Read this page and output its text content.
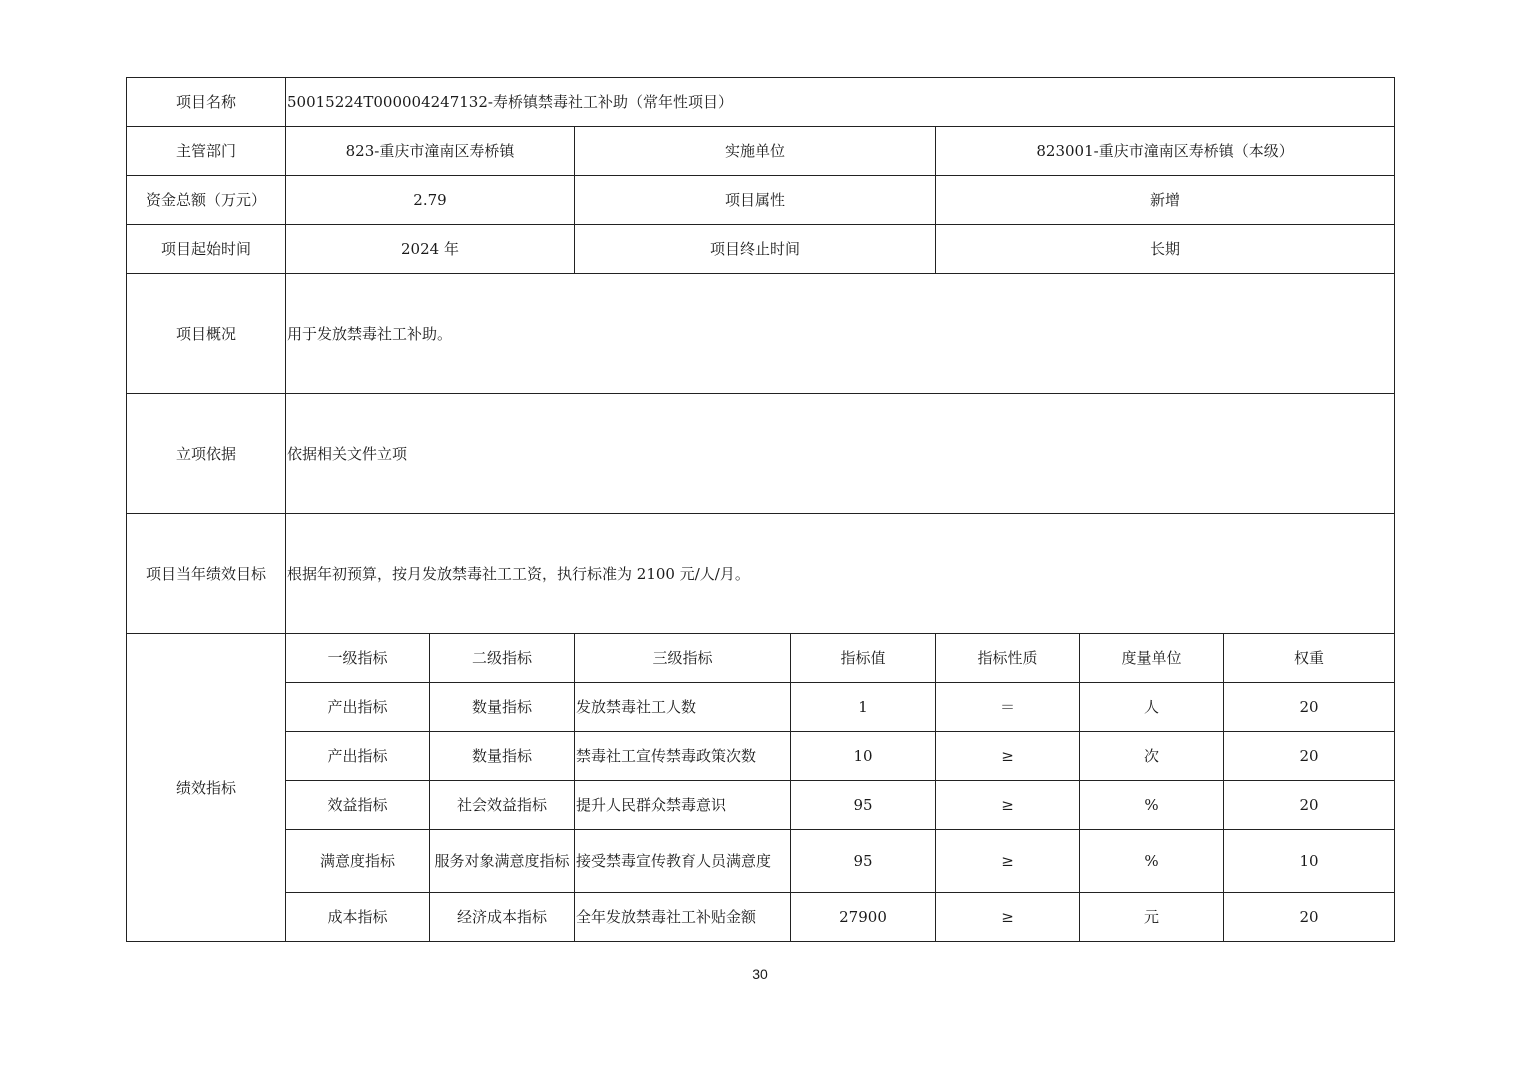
项目名称	50015224T000004247132-寿桥镇禁毒社工补助（常年性项目）						
主管部门	823-重庆市潼南区寿桥镇		实施单位		823001-重庆市潼南区寿桥镇（本级）		
资金总额（万元）	2.79		项目属性		新增		
项目起始时间	2024 年		项目终止时间		长期		
项目概况	用于发放禁毒社工补助。						
立项依据	依据相关文件立项						
项目当年绩效目标	根据年初预算，按月发放禁毒社工工资，执行标准为 2100 元/人/月。						
绩效指标	一级指标	二级指标	三级指标	指标值	指标性质	度量单位	权重
	产出指标	数量指标	发放禁毒社工人数	1	＝	人	20
	产出指标	数量指标	禁毒社工宣传禁毒政策次数	10	≥	次	20
	效益指标	社会效益指标	提升人民群众禁毒意识	95	≥	%	20
	满意度指标	服务对象满意度指标	接受禁毒宣传教育人员满意度	95	≥	%	10
	成本指标	经济成本指标	全年发放禁毒社工补贴金额	27900	≥	元	20
30
